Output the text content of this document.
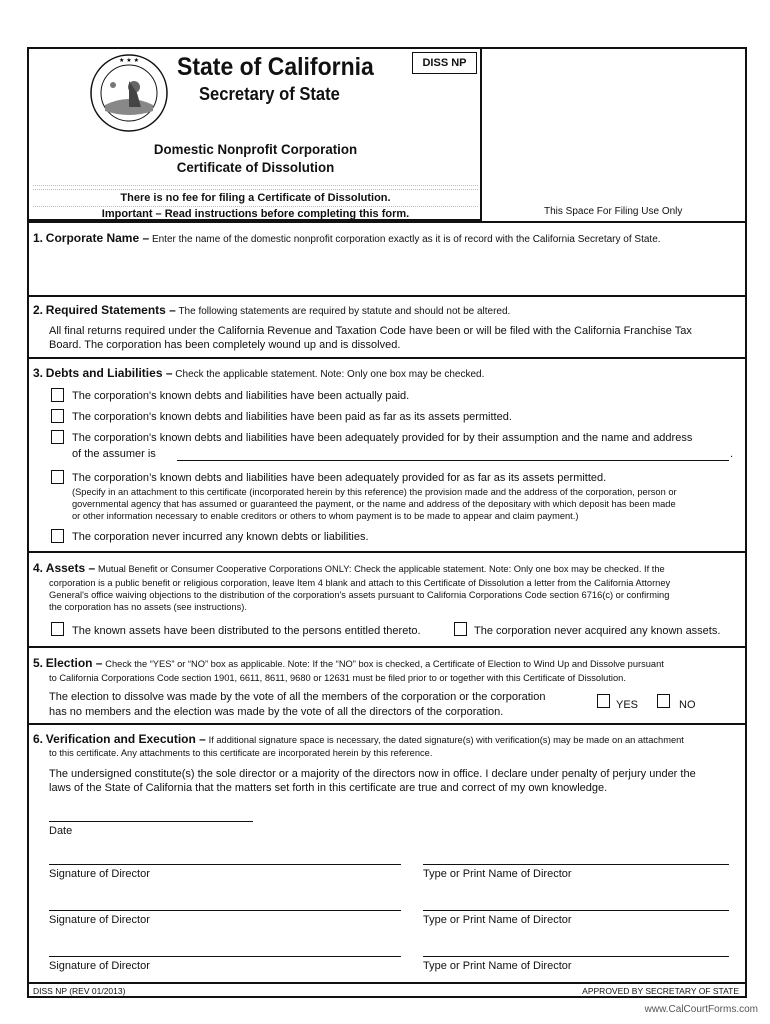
★ ★ ★ State of California
Secretary of State
DISS NP
Domestic Nonprofit Corporation
Certificate of Dissolution
There is no fee for filing a Certificate of Dissolution.
Important – Read instructions before completing this form.	This Space For Filing Use Only
1. Corporate Name – Enter the name of the domestic nonprofit corporation exactly as it is of record with the California Secretary of State.
2. Required Statements – The following statements are required by statute and should not be altered.
All final returns required under the California Revenue and Taxation Code have been or will be filed with the California Franchise Tax
Board. The corporation has been completely wound up and is dissolved.
3. Debts and Liabilities – Check the applicable statement. Note: Only one box may be checked.
The corporation's known debts and liabilities have been actually paid.
The corporation's known debts and liabilities have been paid as far as its assets permitted.
The corporation's known debts and liabilities have been adequately provided for by their assumption and the name and address
of the assumer is	.
The corporation’s known debts and liabilities have been adequately provided for as far as its assets permitted.
(Specify in an attachment to this certificate (incorporated herein by this reference) the provision made and the address of the corporation, person or
governmental agency that has assumed or guaranteed the payment, or the name and address of the depositary with which deposit has been made
or other information necessary to enable creditors or others to whom payment is to be made to appear and claim payment.)
The corporation never incurred any known debts or liabilities.
4. Assets – Mutual Benefit or Consumer Cooperative Corporations ONLY: Check the applicable statement. Note: Only one box may be checked. If the
corporation is a public benefit or religious corporation, leave Item 4 blank and attach to this Certificate of Dissolution a letter from the California Attorney
General's office waiving objections to the distribution of the corporation's assets pursuant to California Corporations Code section 6716(c) or confirming
the corporation has no assets (see instructions).
The known assets have been distributed to the persons entitled thereto.	The corporation never acquired any known assets.
5. Election – Check the “YES” or “NO” box as applicable. Note: If the “NO” box is checked, a Certificate of Election to Wind Up and Dissolve pursuant
to California Corporations Code section 1901, 6611, 8611, 9680 or 12631 must be filed prior to or together with this Certificate of Dissolution.
The election to dissolve was made by the vote of all the members of the corporation or the corporation
has no members and the election was made by the vote of all the directors of the corporation.
YES	NO
6. Verification and Execution – If additional signature space is necessary, the dated signature(s) with verification(s) may be made on an attachment
to this certificate. Any attachments to this certificate are incorporated herein by this reference.
The undersigned constitute(s) the sole director or a majority of the directors now in office. I declare under penalty of perjury under the
laws of the State of California that the matters set forth in this certificate are true and correct of my own knowledge.
Date
Signature of Director	Type or Print Name of Director
Signature of Director	Type or Print Name of Director
Signature of Director	Type or Print Name of Director
DISS NP (REV 01/2013)	APPROVED BY SECRETARY OF STATE
www.CalCourtForms.com
